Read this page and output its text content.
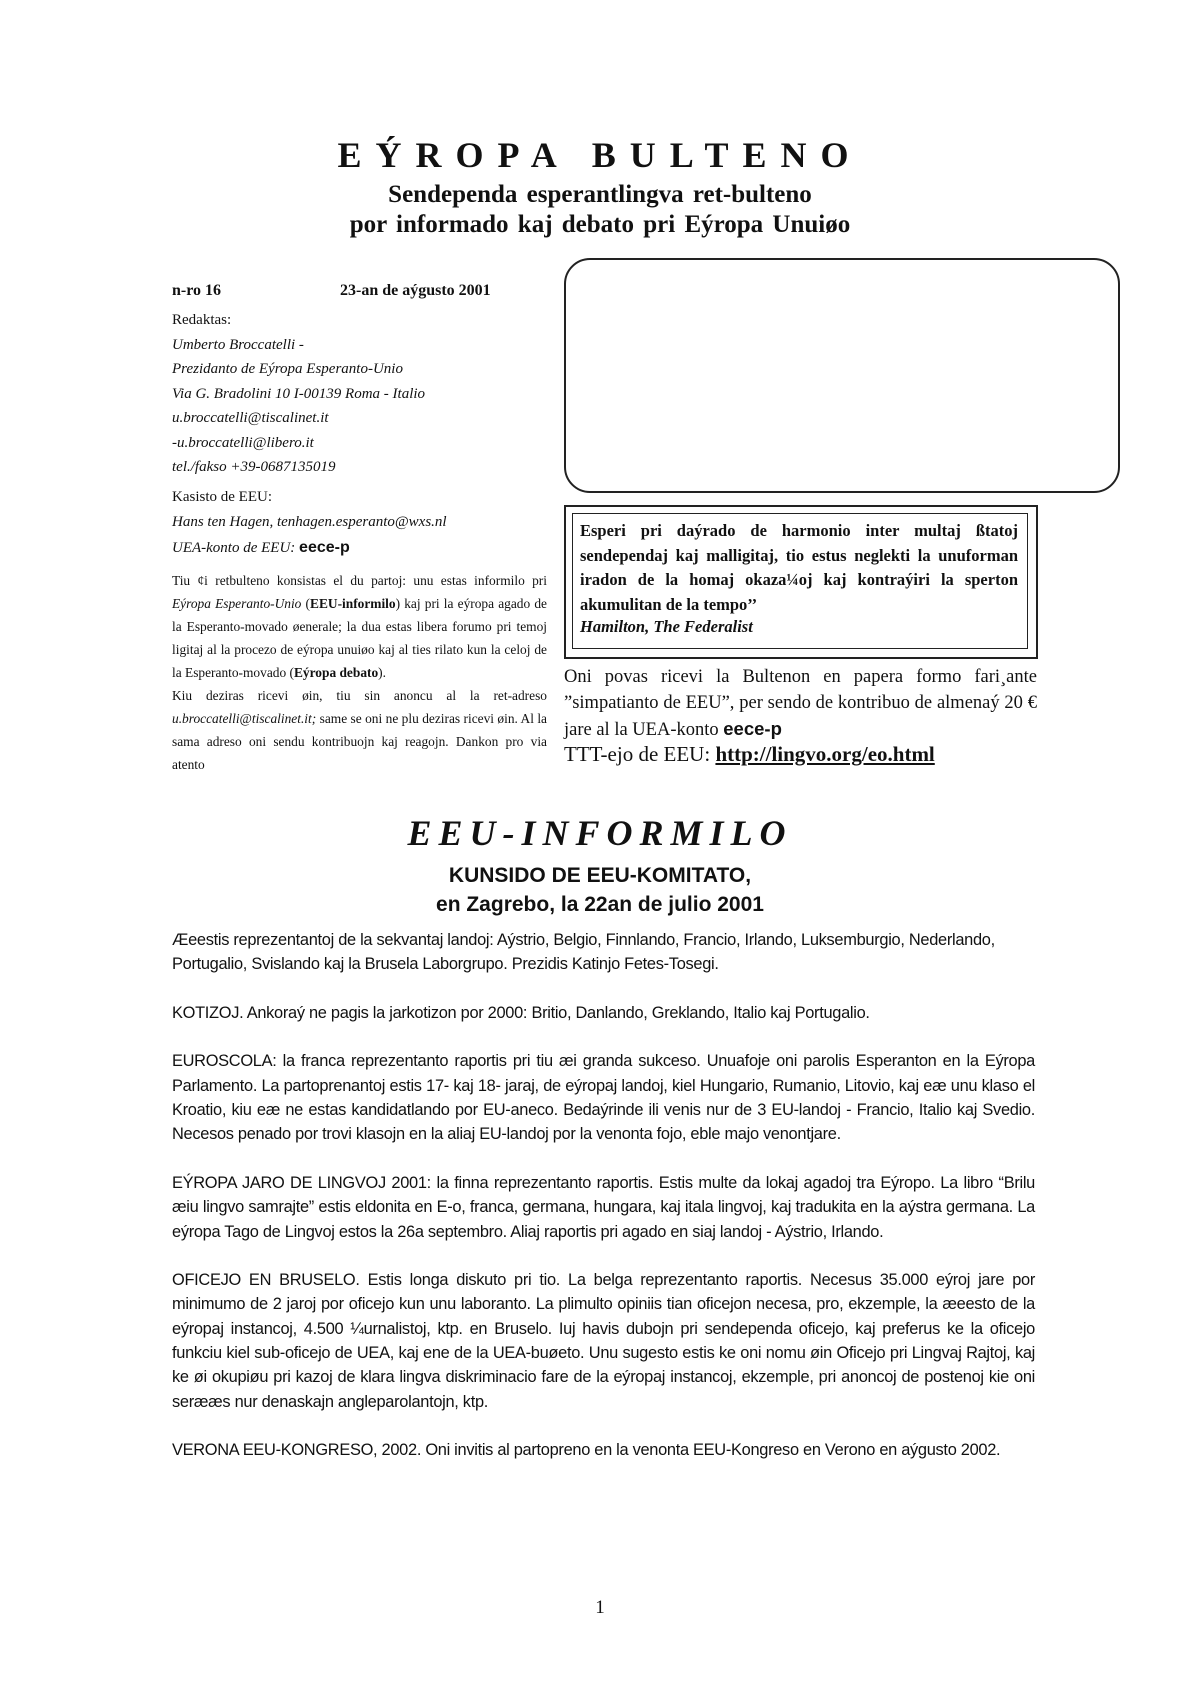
EÝROPA BULTENO
Sendependa esperantlingva ret-bulteno
por informado kaj debato pri Eýropa Unuiøo
n-ro 16	23-an de aýgusto 2001
Redaktas:
Umberto Broccatelli -
Prezidanto de Eýropa Esperanto-Unio
Via G. Bradolini 10 I-00139 Roma - Italio
u.broccatelli@tiscalinet.it
-u.broccatelli@libero.it
tel./fakso +39-0687135019
Kasisto de EEU:
Hans ten Hagen, tenhagen.esperanto@wxs.nl
UEA-konto de EEU: eece-p

Tiu ¢i retbulteno konsistas el du partoj: unu estas informilo pri Eýropa Esperanto-Unio (EEU-informilo) kaj pri la eýropa agado de la Esperanto-movado øenerale; la dua estas libera forumo pri temoj ligitaj al la procezo de eýropa unuiøo kaj al ties rilato kun la celoj de la Esperanto-movado (Eýropa debato).

Kiu deziras ricevi øin, tiu sin anoncu al la ret-adreso u.broccatelli@tiscalinet.it; same se oni ne plu deziras ricevi øin. Al la sama adreso oni sendu kontribuojn kaj reagojn. Dankon pro via atento

Esperi pri daýrado de harmonio inter multaj ßtatoj sendependaj kaj malligitaj, tio estus neglekti la unuforman iradon de la homaj okaza¼oj kaj kontraýiri la sperton akumulitan de la tempo’’
Hamilton, The Federalist
Oni povas ricevi la Bultenon en papera formo fari¸ante ”simpatianto de EEU”, per sendo de kontribuo de almenaý 20 € jare al la UEA-konto eece-p
TTT-ejo de EEU: http://lingvo.org/eo.html
EEU-INFORMILO
KUNSIDO DE EEU-KOMITATO,
en Zagrebo, la 22an de julio 2001

Æeestis reprezentantoj de la sekvantaj landoj: Aýstrio, Belgio, Finnlando, Francio, Irlando, Luksemburgio, Nederlando, Portugalio, Svislando kaj la Brusela Laborgrupo. Prezidis Katinjo Fetes-Tosegi.

KOTIZOJ. Ankoraý ne pagis la jarkotizon por 2000: Britio, Danlando, Greklando, Italio kaj Portugalio.

EUROSCOLA: la franca reprezentanto raportis pri tiu æi granda sukceso. Unuafoje oni parolis Esperanton en la Eýropa Parlamento. La partoprenantoj estis 17- kaj 18- jaraj, de eýropaj landoj, kiel Hungario, Rumanio, Litovio, kaj eæ unu klaso el Kroatio, kiu eæ ne estas kandidatlando por EU-aneco. Bedaýrinde ili venis nur de 3 EU-landoj - Francio, Italio kaj Svedio. Necesos penado por trovi klasojn en la aliaj EU-landoj por la venonta fojo, eble majo venontjare.

EÝROPA JARO DE LINGVOJ 2001: la finna reprezentanto raportis. Estis multe da lokaj agadoj tra Eýropo. La libro “Brilu æiu lingvo samrajte” estis eldonita en E-o, franca, germana, hungara, kaj itala lingvoj, kaj tradukita en la aýstra germana. La eýropa Tago de Lingvoj estos la 26a septembro. Aliaj raportis pri agado en siaj landoj - Aýstrio, Irlando.

OFICEJO EN BRUSELO. Estis longa diskuto pri tio. La belga reprezentanto raportis. Necesus 35.000 eýroj jare por minimumo de 2 jaroj por oficejo kun unu laboranto. La plimulto opiniis tian oficejon necesa, pro, ekzemple, la æeesto de la eýropaj instancoj, 4.500 ¼urnalistoj, ktp. en Bruselo. Iuj havis dubojn pri sendependa oficejo, kaj preferus ke la oficejo funkciu kiel sub-oficejo de UEA, kaj ene de la UEA-buøeto. Unu sugesto estis ke oni nomu øin Oficejo pri Lingvaj Rajtoj, kaj ke øi okupiøu pri kazoj de klara lingva diskriminacio fare de la eýropaj instancoj, ekzemple, pri anoncoj de postenoj kie oni serææs nur denaskajn angleparolantojn, ktp.

VERONA EEU-KONGRESO, 2002. Oni invitis al partopreno en la venonta EEU-Kongreso en Verono en aýgusto 2002.

1
